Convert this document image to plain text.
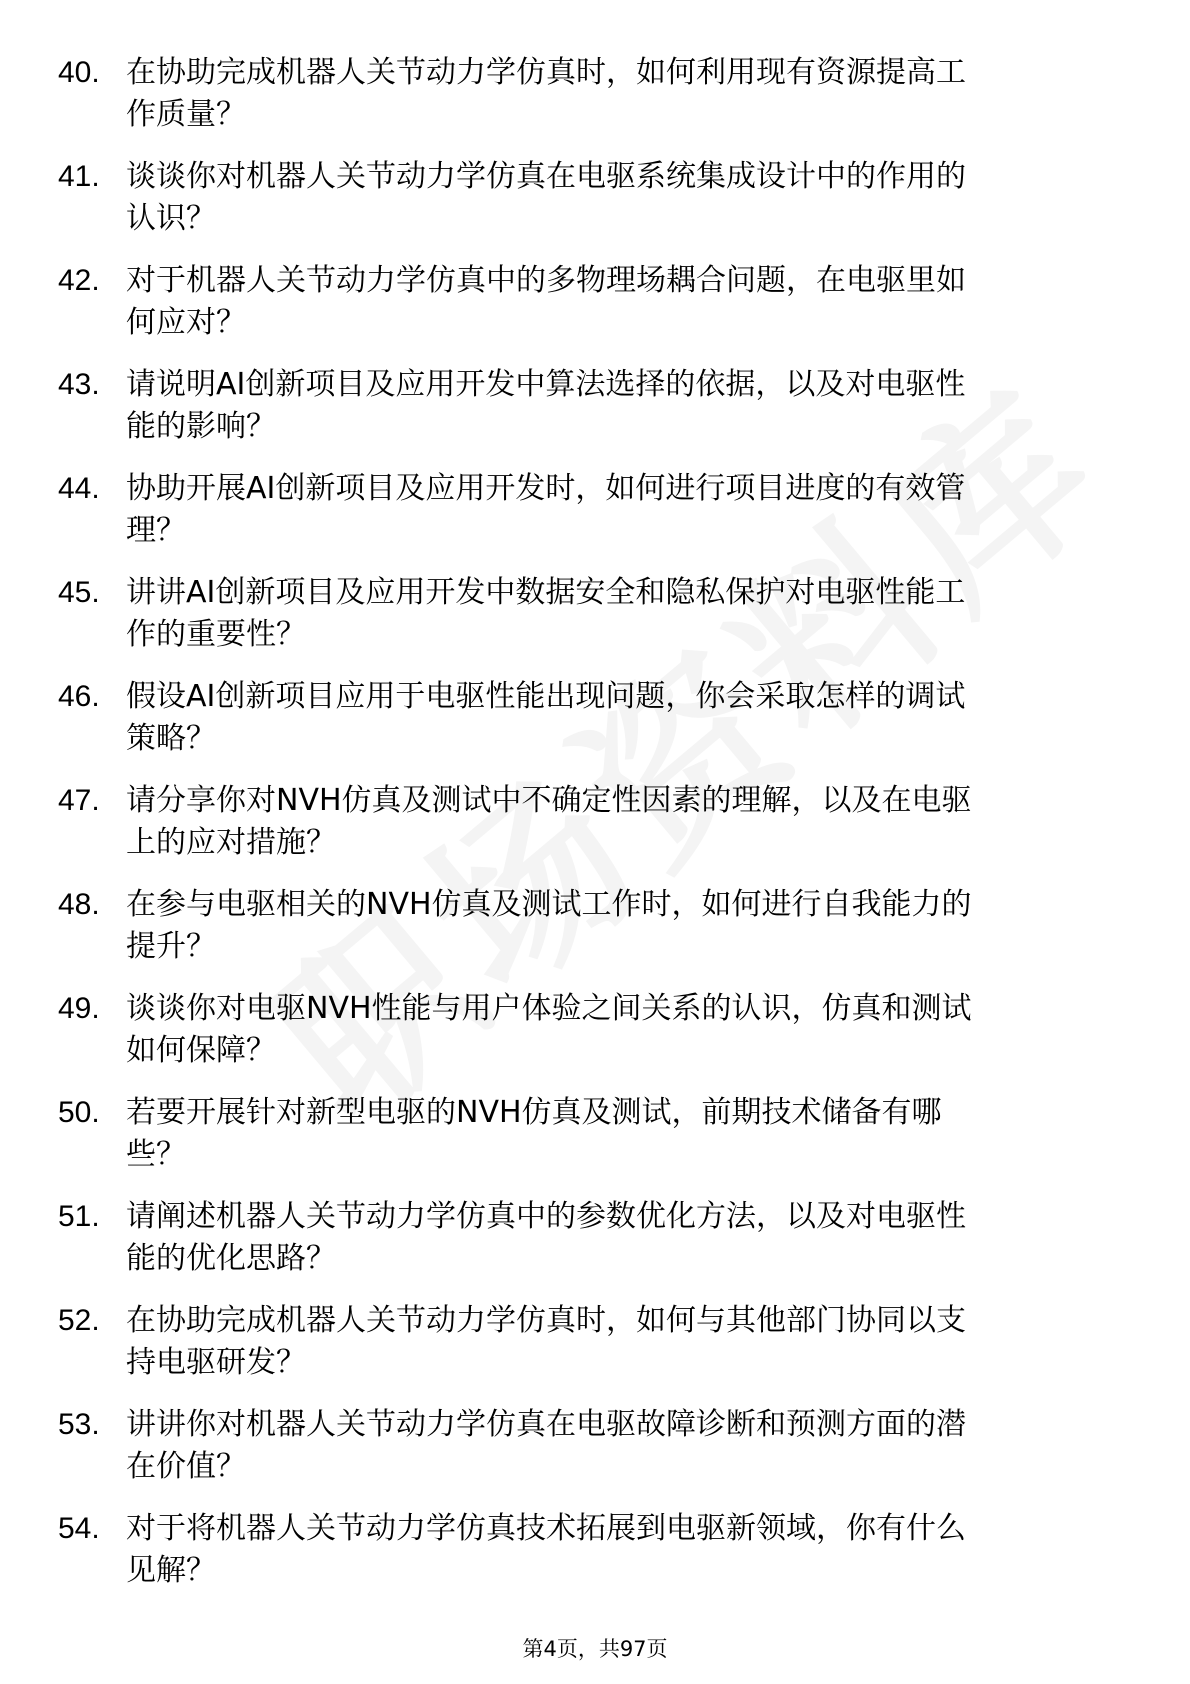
40. 在协助完成机器人关节动力学仿真时，如何利用现有资源提高工
作质量？
41. 谈谈你对机器人关节动力学仿真在电驱系统集成设计中的作用的
认识？
42. 对于机器人关节动力学仿真中的多物理场耦合问题，在电驱里如
何应对？
43. 请说明AI创新项目及应用开发中算法选择的依据，以及对电驱性
能的影响？
44. 协助开展AI创新项目及应用开发时，如何进行项目进度的有效管
理？
45. 讲讲AI创新项目及应用开发中数据安全和隐私保护对电驱性能工
作的重要性？
46. 假设AI创新项目应用于电驱性能出现问题，你会采取怎样的调试
策略？
47. 请分享你对NVH仿真及测试中不确定性因素的理解，以及在电驱
上的应对措施？
48. 在参与电驱相关的NVH仿真及测试工作时，如何进行自我能力的
提升？
49. 谈谈你对电驱NVH性能与用户体验之间关系的认识，仿真和测试
如何保障？
50. 若要开展针对新型电驱的NVH仿真及测试，前期技术储备有哪
些？
51. 请阐述机器人关节动力学仿真中的参数优化方法，以及对电驱性
能的优化思路？
52. 在协助完成机器人关节动力学仿真时，如何与其他部门协同以支
持电驱研发？
53. 讲讲你对机器人关节动力学仿真在电驱故障诊断和预测方面的潜
在价值？
54. 对于将机器人关节动力学仿真技术拓展到电驱新领域，你有什么
见解？
第4页，共97页
